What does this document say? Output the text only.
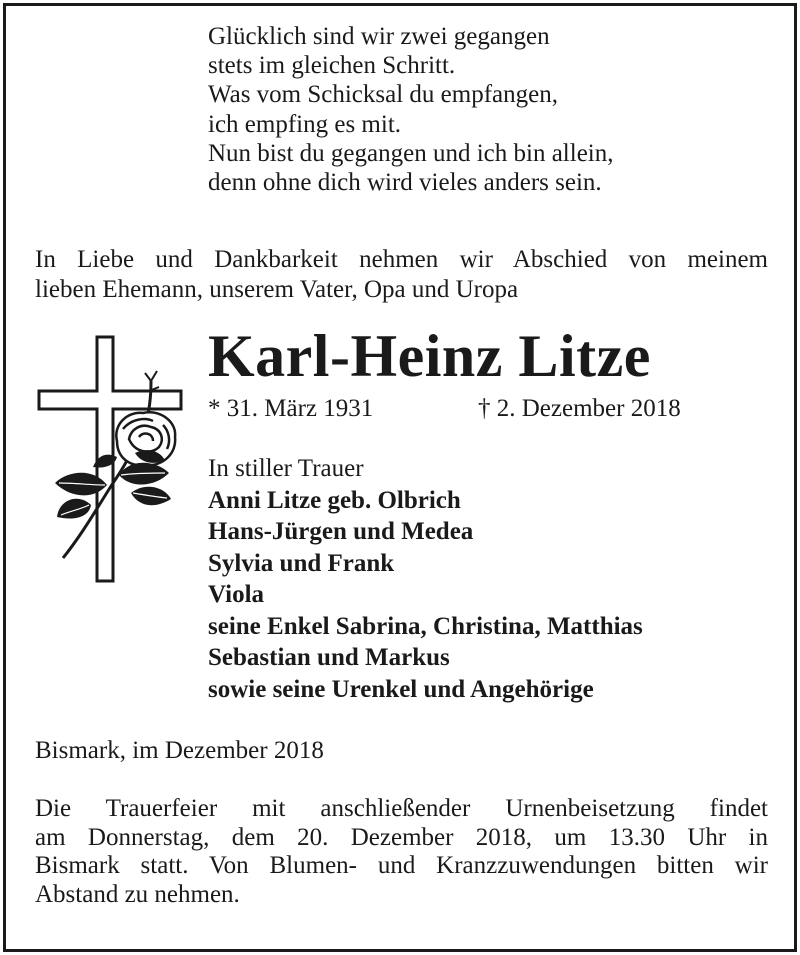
Glücklich sind wir zwei gegangen
stets im gleichen Schritt.
Was vom Schicksal du empfangen,
ich empfing es mit.
Nun bist du gegangen und ich bin allein,
denn ohne dich wird vieles anders sein.
In Liebe und Dankbarkeit nehmen wir Abschied von meinem
lieben Ehemann, unserem Vater, Opa und Uropa
Karl-Heinz Litze
* 31. März 1931	† 2. Dezember 2018
In stiller Trauer
Anni Litze geb. Olbrich
Hans-Jürgen und Medea
Sylvia und Frank
Viola
seine Enkel Sabrina, Christina, Matthias
Sebastian und Markus
sowie seine Urenkel und Angehörige
Bismark, im Dezember 2018
Die Trauerfeier mit anschließender Urnenbeisetzung findet
am Donnerstag, dem 20. Dezember 2018, um 13.30 Uhr in
Bismark statt. Von Blumen- und Kranzzuwendungen bitten wir
Abstand zu nehmen.
